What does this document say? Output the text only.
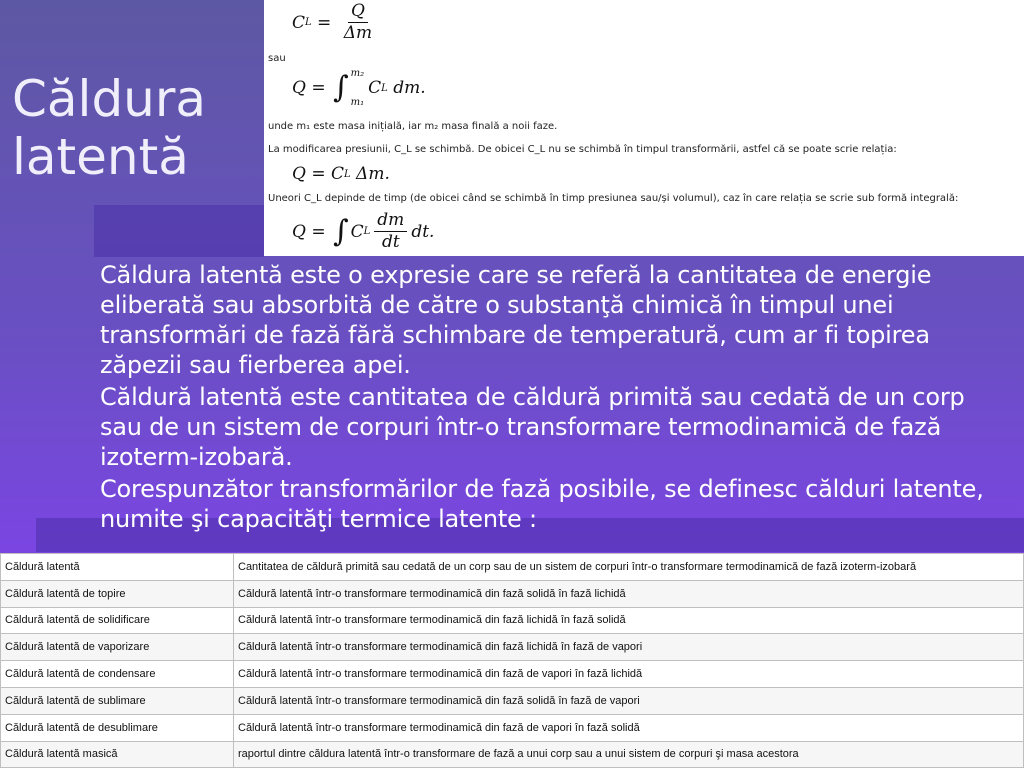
Căldura
latentă
C $L = \frac{Q}{\Delta m}$
sau
Q = ∫ m₂
m₁
C L dm.
unde m₁ este masa inițială, iar m₂ masa finală a noii faze.
La modificarea presiunii, C_L se schimbă. De obicei C_L nu se schimbă în timpul transformării, astfel că se poate scrie relația:
Q = C L Δm.
Uneori C_L depinde de timp (de obicei când se schimbă în timp presiunea sau/și volumul), caz în care relația se scrie sub formă integrală:
Q = ∫ C L $\frac{dm}{dt}$ dt.

Căldura latentă este o expresie care se referă la cantitatea de energie eliberată sau absorbită de către o substanţă chimică în timpul unei transformări de fază fără schimbare de temperatură, cum ar fi topirea zăpezii sau fierberea apei.

Căldură latentă este cantitatea de căldură primită sau cedată de un corp sau de un sistem de corpuri într-o transformare termodinamică de fază izoterm-izobară.

Corespunzător transformărilor de fază posibile, se definesc călduri latente, numite şi capacităţi termice latente :

Căldură latentă	Cantitatea de căldură primită sau cedată de un corp sau de un sistem de corpuri într-o transformare termodinamică de fază izoterm-izobară
Căldură latentă de topire	Căldură latentă într-o transformare termodinamică din fază solidă în fază lichidă
Căldură latentă de solidificare	Căldură latentă într-o transformare termodinamică din fază lichidă în fază solidă
Căldură latentă de vaporizare	Căldură latentă într-o transformare termodinamică din fază lichidă în fază de vapori
Căldură latentă de condensare	Căldură latentă într-o transformare termodinamică din fază de vapori în fază lichidă
Căldură latentă de sublimare	Căldură latentă într-o transformare termodinamică din fază solidă în fază de vapori
Căldură latentă de desublimare	Căldură latentă într-o transformare termodinamică din fază de vapori în fază solidă
Căldură latentă masică	raportul dintre căldura latentă într-o transformare de fază a unui corp sau a unui sistem de corpuri şi masa acestora
